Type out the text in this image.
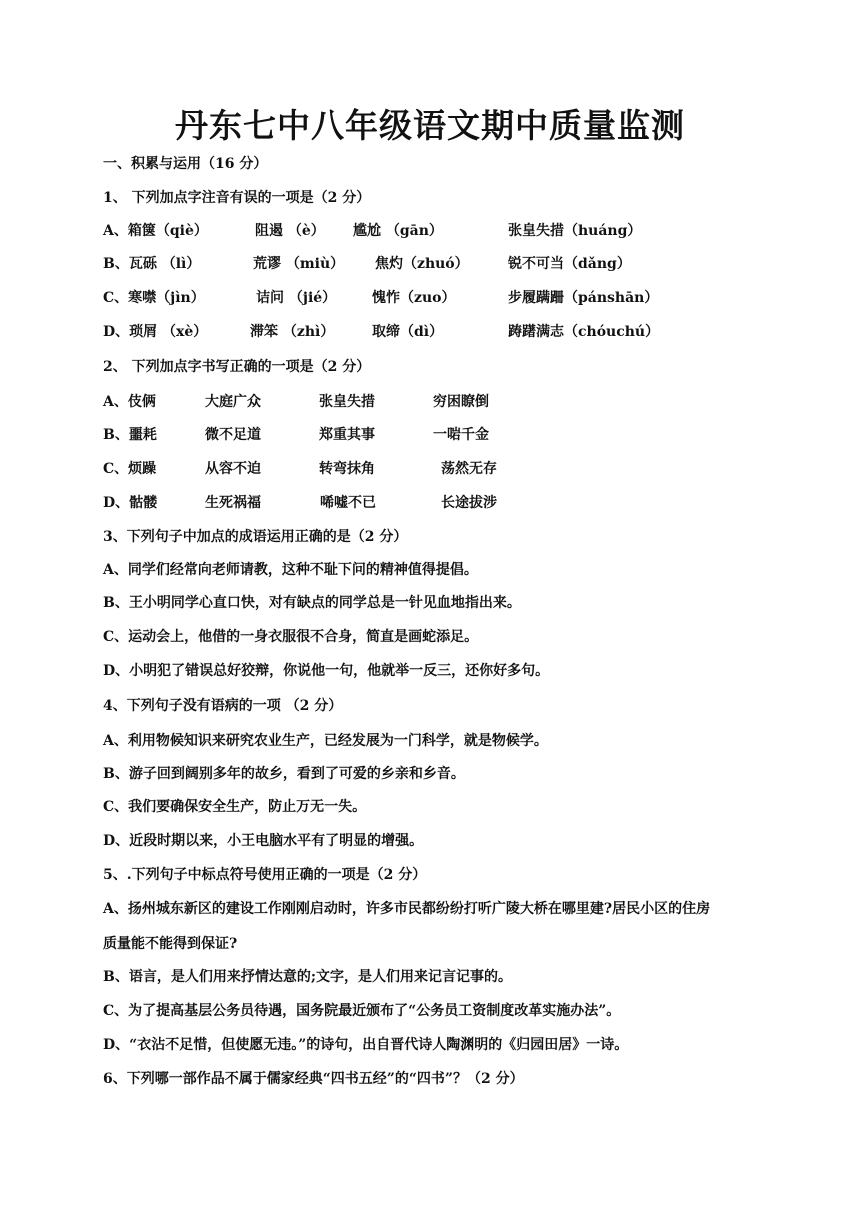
丹东七中八年级语文期中质量监测
一、积累与运用（16 分）
1、 下列加点字注音有误的一项是（2 分）
A、箱箧（qiè）	阻遏 （è） 尴尬 （gān）	张皇失措（huáng）
B、瓦砾 （lì）	荒谬 （miù） 焦灼（zhuó）	锐不可当（dǎng）
C、寒噤（jìn）	诘问 （jié）	愧怍（zuo）	步履蹒跚（pánshān）
D、琐屑 （xè）	滞笨 （zhì）	取缔（dì）	踌躇满志（chóuchú）
2、 下列加点字书写正确的一项是（2 分）
A、伎俩	大庭广众	张皇失措	穷困瞭倒
B、噩耗	微不足道	郑重其事	一啱千金
C、烦躁	从容不迫	转弯抹角	荡然无存
D、骷髅	生死祸福	唏嘘不已	长途拔涉
3、下列句子中加点的成语运用正确的是（2 分）
A、同学们经常向老师请教，这种不耻下问的精神值得提倡。
B、王小明同学心直口快，对有缺点的同学总是一针见血地指出来。
C、运动会上，他借的一身衣服很不合身，简直是画蛇添足。
D、小明犯了错误总好狡辩，你说他一句，他就举一反三，还你好多句。
4、下列句子没有语病的一项 （2 分）
A、利用物候知识来研究农业生产，已经发展为一门科学，就是物候学。
B、游子回到阔别多年的故乡，看到了可爱的乡亲和乡音。
C、我们要确保安全生产，防止万无一失。
D、近段时期以来，小王电脑水平有了明显的增强。
5、.下列句子中标点符号使用正确的一项是（2 分）
A、扬州城东新区的建设工作刚刚启动时，许多市民都纷纷打听广陵大桥在哪里建?居民小区的住房
质量能不能得到保证?
B、语言，是人们用来抒情达意的;文字，是人们用来记言记事的。
C、为了提高基层公务员待遇，国务院最近颁布了“公务员工资制度改革实施办法”。
D、“衣沾不足惜，但使愿无违。”的诗句，出自晋代诗人陶渊明的《归园田居》一诗。
6、下列哪一部作品不属于儒家经典“四书五经”的“四书”？（2 分）
